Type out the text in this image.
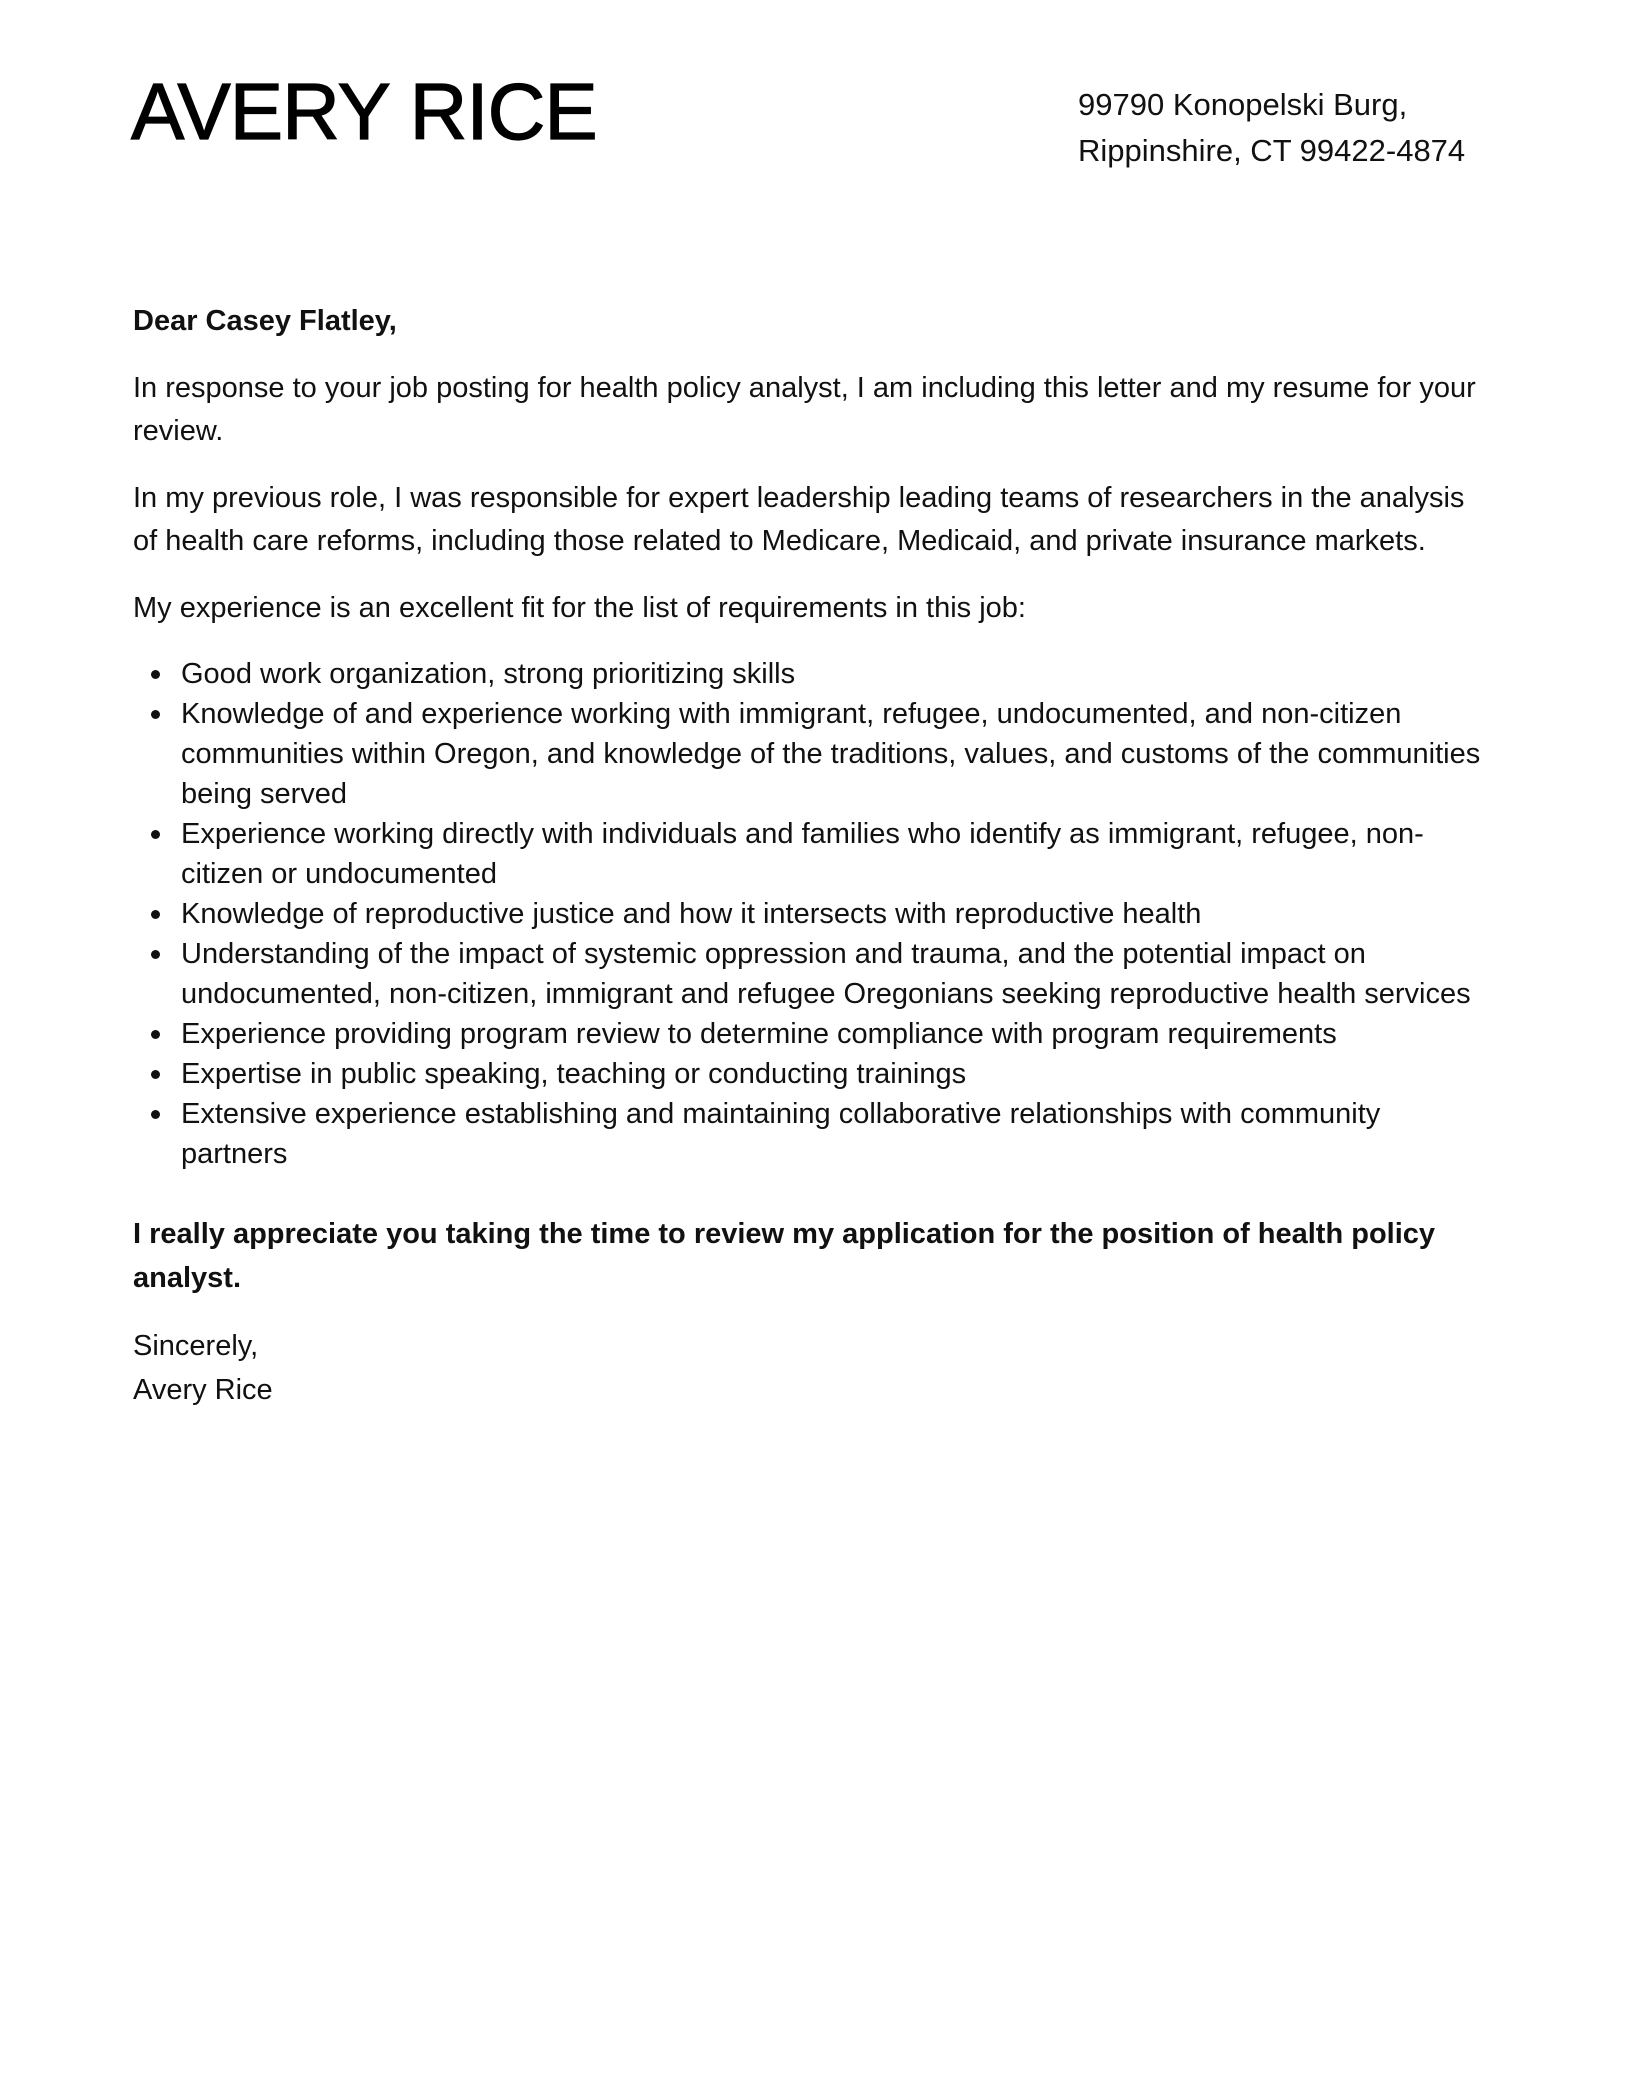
AVERY RICE	99790 Konopelski Burg,
Rippinshire, CT 99422-4874

Dear Casey Flatley,

In response to your job posting for health policy analyst, I am including this letter and my resume for your review.

In my previous role, I was responsible for expert leadership leading teams of researchers in the analysis of health care reforms, including those related to Medicare, Medicaid, and private insurance markets.

My experience is an excellent fit for the list of requirements in this job:

Good work organization, strong prioritizing skills
Knowledge of and experience working with immigrant, refugee, undocumented, and non-citizen communities within Oregon, and knowledge of the traditions, values, and customs of the communities being served
Experience working directly with individuals and families who identify as immigrant, refugee, non-citizen or undocumented
Knowledge of reproductive justice and how it intersects with reproductive health
Understanding of the impact of systemic oppression and trauma, and the potential impact on undocumented, non-citizen, immigrant and refugee Oregonians seeking reproductive health services
Experience providing program review to determine compliance with program requirements
Expertise in public speaking, teaching or conducting trainings
Extensive experience establishing and maintaining collaborative relationships with community partners

I really appreciate you taking the time to review my application for the position of health policy analyst.

Sincerely,

Avery Rice
